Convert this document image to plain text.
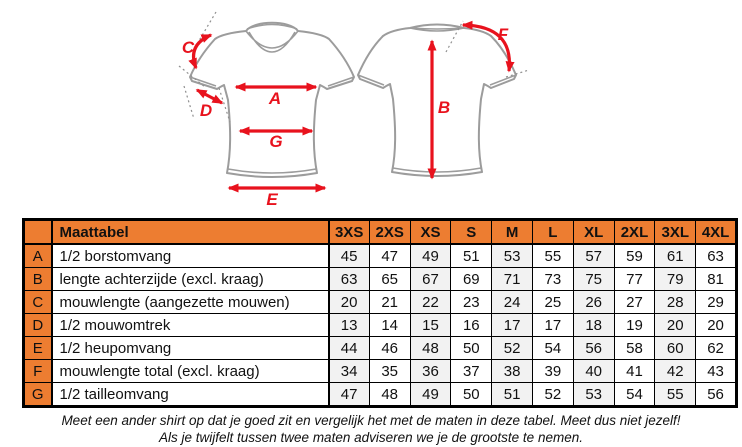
A
G
E
B
C
D
F
	Maattabel	3XS	2XS	XS	S	M	L	XL	2XL	3XL	4XL
A	1/2 borstomvang	45	47	49	51	53	55	57	59	61	63
B	lengte achterzijde (excl. kraag)	63	65	67	69	71	73	75	77	79	81
C	mouwlengte (aangezette mouwen)	20	21	22	23	24	25	26	27	28	29
D	1/2 mouwomtrek	13	14	15	16	17	17	18	19	20	20
E	1/2 heupomvang	44	46	48	50	52	54	56	58	60	62
F	mouwlengte total (excl. kraag)	34	35	36	37	38	39	40	41	42	43
G	1/2 tailleomvang	47	48	49	50	51	52	53	54	55	56
Meet een ander shirt op dat je goed zit en vergelijk het met de maten in deze tabel. Meet dus niet jezelf!
Als je twijfelt tussen twee maten adviseren we je de grootste te nemen.
